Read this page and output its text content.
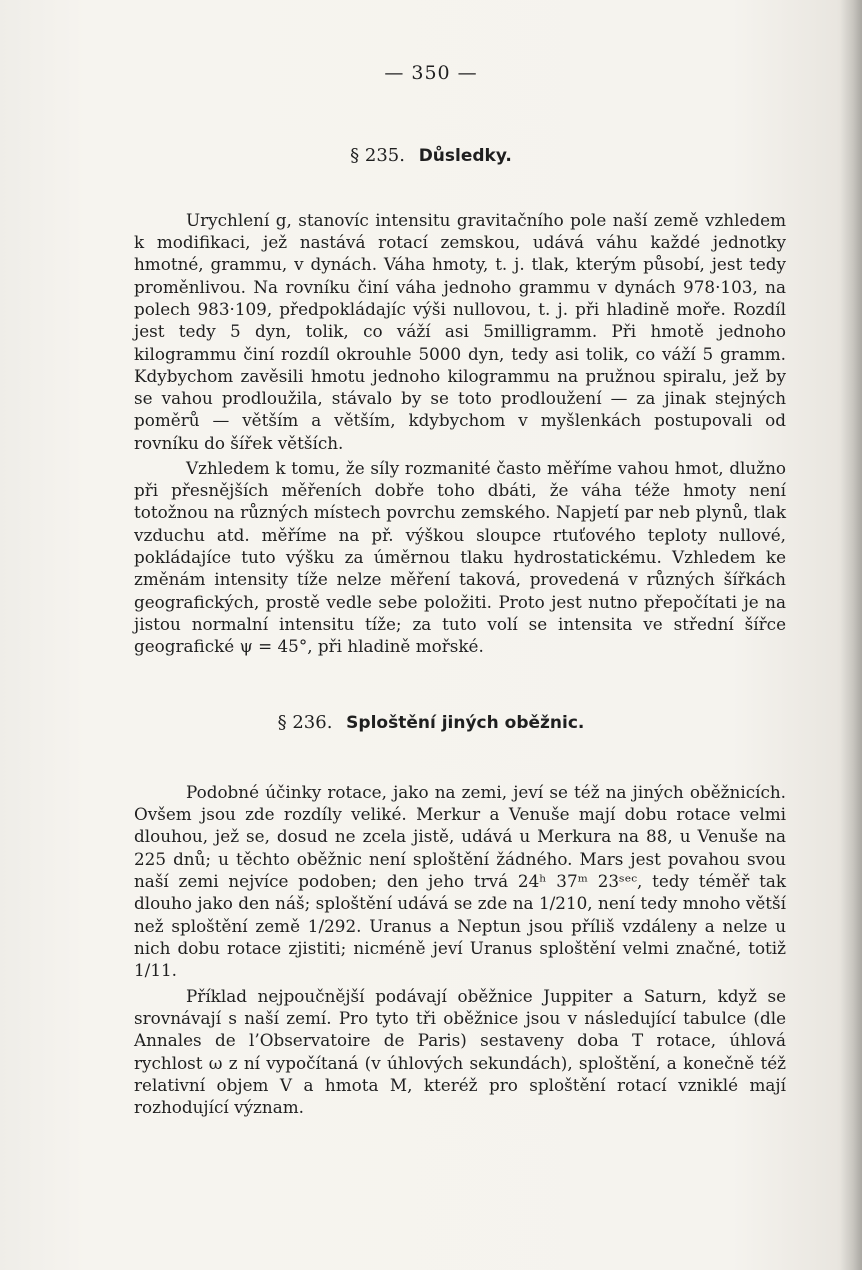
— 350 —
§ 235. Důsledky.

Urychlení g, stanovíc intensitu gravitačního pole naší země vzhledem k modifikaci, jež nastává rotací zemskou, udává váhu každé jednotky hmotné, grammu, v dynách. Váha hmoty, t. j. tlak, kterým působí, jest tedy proměnlivou. Na rovníku činí váha jednoho grammu v dynách 978·103, na polech 983·109, předpokládajíc výši nullovou, t. j. při hladině moře. Rozdíl jest tedy 5 dyn, tolik, co váží asi 5milligramm. Při hmotě jednoho kilogrammu činí rozdíl okrouhle 5000 dyn, tedy asi tolik, co váží 5 gramm. Kdybychom zavěsili hmotu jednoho kilogrammu na pružnou spiralu, jež by se vahou prodloužila, stávalo by se toto prodloužení — za jinak stejných poměrů — větším a větším, kdybychom v myšlenkách postupovali od rovníku do šířek větších.

Vzhledem k tomu, že síly rozmanité často měříme vahou hmot, dlužno při přesnějších měřeních dobře toho dbáti, že váha téže hmoty není totožnou na různých místech povrchu zemského. Napjetí par neb plynů, tlak vzduchu atd. měříme na př. výškou sloupce rtuťového teploty nullové, pokládajíce tuto výšku za úměrnou tlaku hydrostatickému. Vzhledem ke změnám intensity tíže nelze měření taková, provedená v různých šířkách geografických, prostě vedle sebe položiti. Proto jest nutno přepočítati je na jistou normalní intensitu tíže; za tuto volí se intensita ve střední šířce geografické ψ = 45°, při hladině mořské.

§ 236. Sploštění jiných oběžnic.

Podobné účinky rotace, jako na zemi, jeví se též na jiných oběžnicích. Ovšem jsou zde rozdíly veliké. Merkur a Venuše mají dobu rotace velmi dlouhou, jež se, dosud ne zcela jistě, udává u Merkura na 88, u Venuše na 225 dnů; u těchto oběžnic není sploštění žádného. Mars jest povahou svou naší zemi nejvíce podoben; den jeho trvá 24ʰ 37ᵐ 23ˢᵉᶜ, tedy téměř tak dlouho jako den náš; sploštění udává se zde na 1/210, není tedy mnoho větší než sploštění země 1/292. Uranus a Neptun jsou příliš vzdáleny a nelze u nich dobu rotace zjistiti; nicméně jeví Uranus sploštění velmi značné, totiž 1/11.

Příklad nejpoučnější podávají oběžnice Juppiter a Saturn, když se srovnávají s naší zemí. Pro tyto tři oběžnice jsou v následující tabulce (dle Annales de l’Observatoire de Paris) sestaveny doba T rotace, úhlová rychlost ω z ní vypočítaná (v úhlových sekundách), sploštění, a konečně též relativní objem V a hmota M, kteréž pro sploštění rotací vzniklé mají rozhodující význam.
